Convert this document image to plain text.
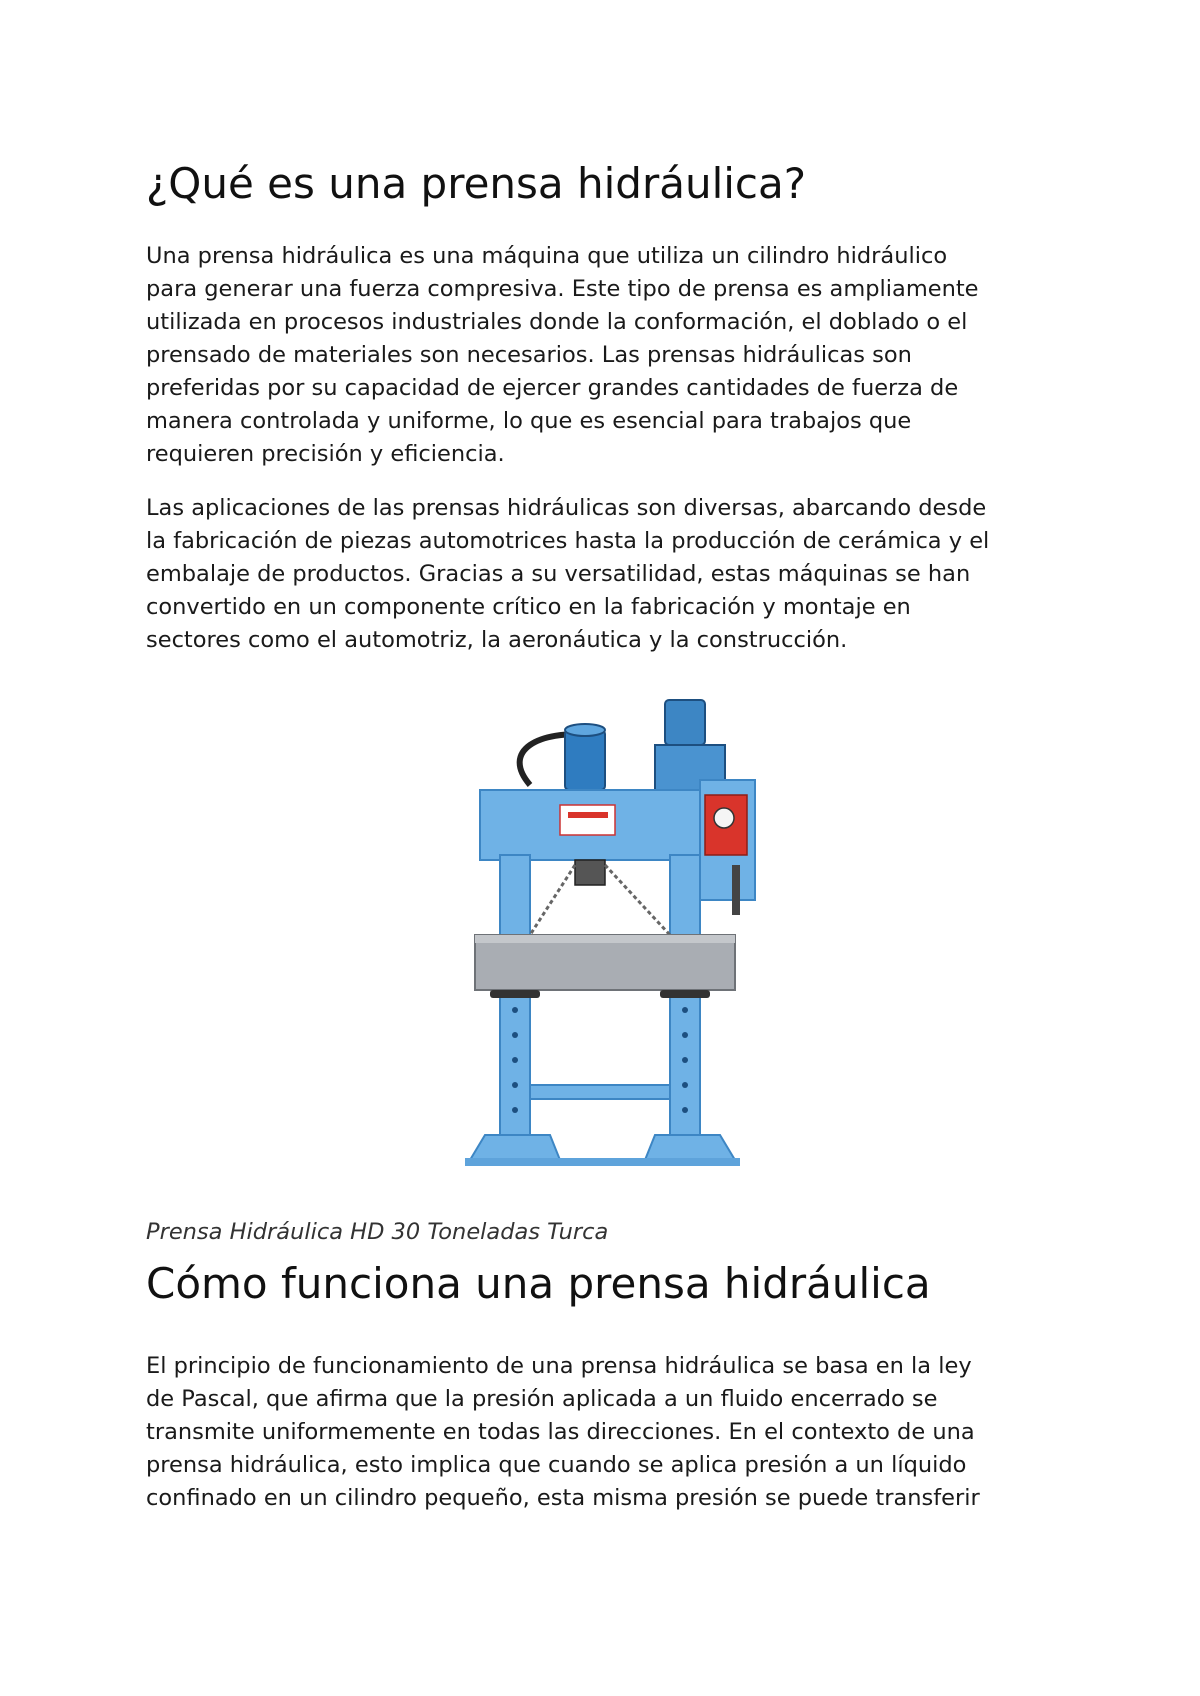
¿Qué es una prensa hidráulica?
Una prensa hidráulica es una máquina que utiliza un cilindro hidráulico
para generar una fuerza compresiva. Este tipo de prensa es ampliamente
utilizada en procesos industriales donde la conformación, el doblado o el
prensado de materiales son necesarios. Las prensas hidráulicas son
preferidas por su capacidad de ejercer grandes cantidades de fuerza de
manera controlada y uniforme, lo que es esencial para trabajos que
requieren precisión y eficiencia.
Las aplicaciones de las prensas hidráulicas son diversas, abarcando desde
la fabricación de piezas automotrices hasta la producción de cerámica y el
embalaje de productos. Gracias a su versatilidad, estas máquinas se han
convertido en un componente crítico en la fabricación y montaje en
sectores como el automotriz, la aeronáutica y la construcción.

Prensa Hidráulica HD 30 Toneladas Turca

Cómo funciona una prensa hidráulica
El principio de funcionamiento de una prensa hidráulica se basa en la ley
de Pascal, que afirma que la presión aplicada a un fluido encerrado se
transmite uniformemente en todas las direcciones. En el contexto de una
prensa hidráulica, esto implica que cuando se aplica presión a un líquido
confinado en un cilindro pequeño, esta misma presión se puede transferir
